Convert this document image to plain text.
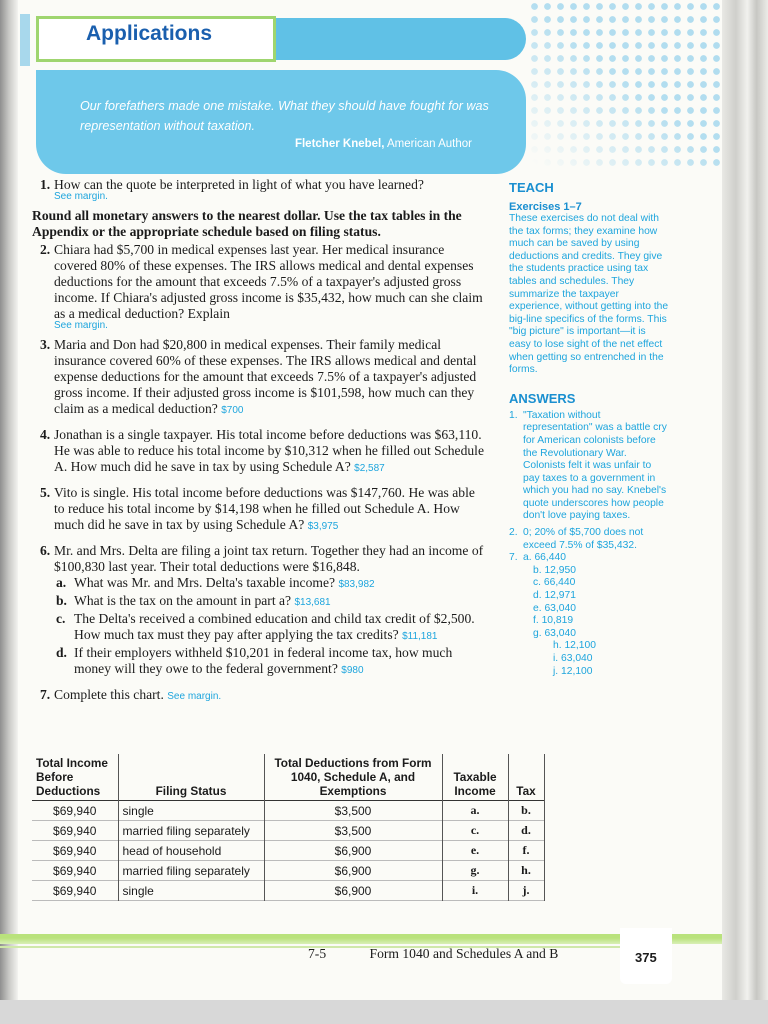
Applications
Our forefathers made one mistake. What they should have fought for was representation without taxation.
Fletcher Knebel, American Author
1. How can the quote be interpreted in light of what you have learned?
See margin.
Round all monetary answers to the nearest dollar. Use the tax tables in the Appendix or the appropriate schedule based on filing status.
2. Chiara had $5,700 in medical expenses last year. Her medical insurance covered 80% of these expenses. The IRS allows medical and dental expenses deductions for the amount that exceeds 7.5% of a taxpayer's adjusted gross income. If Chiara's adjusted gross income is $35,432, how much can she claim as a medical deduction? Explain
See margin.
3. Maria and Don had $20,800 in medical expenses. Their family medical insurance covered 60% of these expenses. The IRS allows medical and dental expense deductions for the amount that exceeds 7.5% of a taxpayer's adjusted gross income. If their adjusted gross income is $101,598, how much can they claim as a medical deduction? $700
4. Jonathan is a single taxpayer. His total income before deductions was $63,110. He was able to reduce his total income by $10,312 when he filled out Schedule A. How much did he save in tax by using Schedule A? $2,587
5. Vito is single. His total income before deductions was $147,760. He was able to reduce his total income by $14,198 when he filled out Schedule A. How much did he save in tax by using Schedule A? $3,975
6. Mr. and Mrs. Delta are filing a joint tax return. Together they had an income of $100,830 last year. Their total deductions were $16,848.
a. What was Mr. and Mrs. Delta's taxable income? $83,982
b. What is the tax on the amount in part a? $13,681
c. The Delta's received a combined education and child tax credit of $2,500. How much tax must they pay after applying the tax credits? $11,181
d. If their employers withheld $10,201 in federal income tax, how much money will they owe to the federal government? $980
7. Complete this chart. See margin.
Total Income Before Deductions	Filing Status	Total Deductions from Form 1040, Schedule A, and Exemptions	Taxable Income	Tax
$69,940	single	$3,500	a.	b.
$69,940	married filing separately	$3,500	c.	d.
$69,940	head of household	$6,900	e.	f.
$69,940	married filing separately	$6,900	g.	h.
$69,940	single	$6,900	i.	j.
TEACH
Exercises 1–7

These exercises do not deal with the tax forms; they examine how much can be saved by using deductions and credits. They give the students practice using tax tables and schedules. They summarize the taxpayer experience, without getting into the big-line specifics of the forms. This "big picture" is important—it is easy to lose sight of the net effect when getting so entrenched in the forms.

ANSWERS
1. "Taxation without representation" was a battle cry for American colonists before the Revolutionary War. Colonists felt it was unfair to pay taxes to a government in which you had no say. Knebel's quote underscores how people don't love paying taxes.
2. 0; 20% of $5,700 does not exceed 7.5% of $35,432.
7. a. 66,440
b. 12,950
c. 66,440
d. 12,971
e. 63,040
f. 10,819
g. 63,040
h. 12,100
i. 63,040
j. 12,100
7-5	Form 1040 and Schedules A and B	375
